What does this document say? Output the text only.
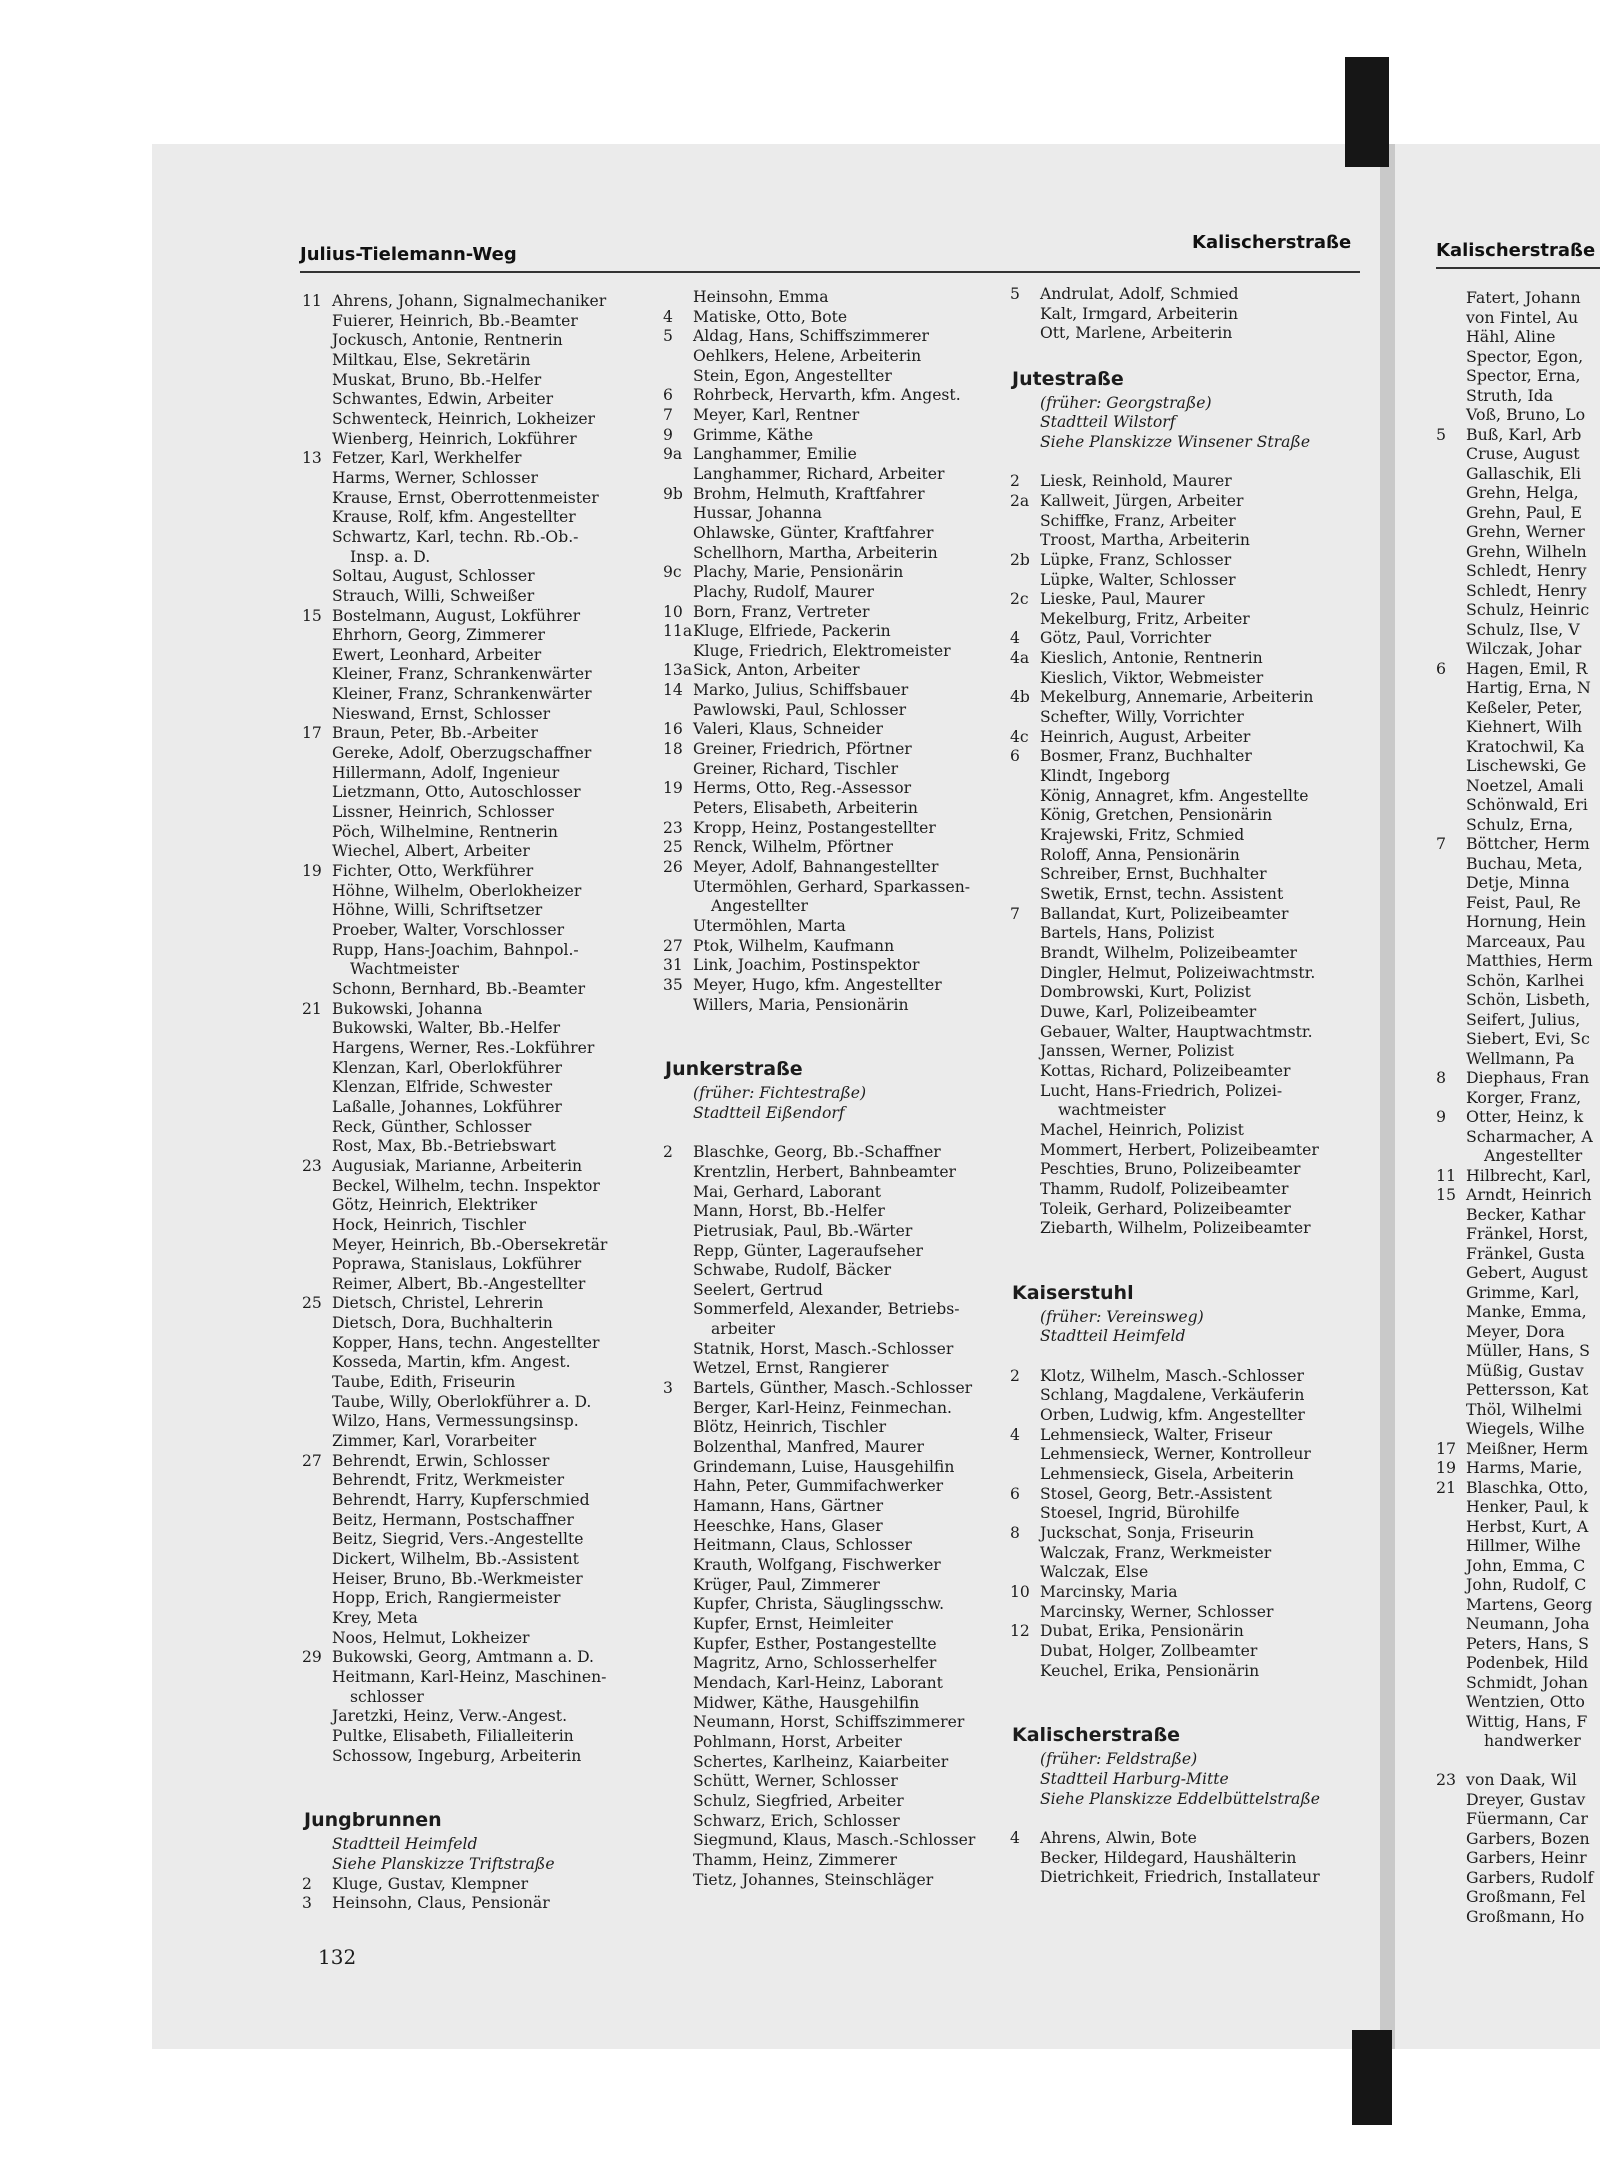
Julius-Tielemann-Weg
Kalischerstraße	Kalischerstraße
11 Ahrens, Johann, Signalmechaniker
Fuierer, Heinrich, Bb.-Beamter
Jockusch, Antonie, Rentnerin
Miltkau, Else, Sekretärin
Muskat, Bruno, Bb.-Helfer
Schwantes, Edwin, Arbeiter
Schwenteck, Heinrich, Lokheizer
Wienberg, Heinrich, Lokführer
13 Fetzer, Karl, Werkhelfer
Harms, Werner, Schlosser
Krause, Ernst, Oberrottenmeister
Krause, Rolf, kfm. Angestellter
Schwartz, Karl, techn. Rb.-Ob.-
Insp. a. D.
Soltau, August, Schlosser
Strauch, Willi, Schweißer
15 Bostelmann, August, Lokführer
Ehrhorn, Georg, Zimmerer
Ewert, Leonhard, Arbeiter
Kleiner, Franz, Schrankenwärter
Kleiner, Franz, Schrankenwärter
Nieswand, Ernst, Schlosser
17 Braun, Peter, Bb.-Arbeiter
Gereke, Adolf, Oberzugschaffner
Hillermann, Adolf, Ingenieur
Lietzmann, Otto, Autoschlosser
Lissner, Heinrich, Schlosser
Pöch, Wilhelmine, Rentnerin
Wiechel, Albert, Arbeiter
19 Fichter, Otto, Werkführer
Höhne, Wilhelm, Oberlokheizer
Höhne, Willi, Schriftsetzer
Proeber, Walter, Vorschlosser
Rupp, Hans-Joachim, Bahnpol.-
Wachtmeister
Schonn, Bernhard, Bb.-Beamter
21 Bukowski, Johanna
Bukowski, Walter, Bb.-Helfer
Hargens, Werner, Res.-Lokführer
Klenzan, Karl, Oberlokführer
Klenzan, Elfride, Schwester
Laßalle, Johannes, Lokführer
Reck, Günther, Schlosser
Rost, Max, Bb.-Betriebswart
23 Augusiak, Marianne, Arbeiterin
Beckel, Wilhelm, techn. Inspektor
Götz, Heinrich, Elektriker
Hock, Heinrich, Tischler
Meyer, Heinrich, Bb.-Obersekretär
Poprawa, Stanislaus, Lokführer
Reimer, Albert, Bb.-Angestellter
25 Dietsch, Christel, Lehrerin
Dietsch, Dora, Buchhalterin
Kopper, Hans, techn. Angestellter
Kosseda, Martin, kfm. Angest.
Taube, Edith, Friseurin
Taube, Willy, Oberlokführer a. D.
Wilzo, Hans, Vermessungsinsp.
Zimmer, Karl, Vorarbeiter
27 Behrendt, Erwin, Schlosser
Behrendt, Fritz, Werkmeister
Behrendt, Harry, Kupferschmied
Beitz, Hermann, Postschaffner
Beitz, Siegrid, Vers.-Angestellte
Dickert, Wilhelm, Bb.-Assistent
Heiser, Bruno, Bb.-Werkmeister
Hopp, Erich, Rangiermeister
Krey, Meta
Noos, Helmut, Lokheizer
29 Bukowski, Georg, Amtmann a. D.
Heitmann, Karl-Heinz, Maschinen-
schlosser
Jaretzki, Heinz, Verw.-Angest.
Pultke, Elisabeth, Filialleiterin
Schossow, Ingeburg, Arbeiterin
Jungbrunnen
Stadtteil Heimfeld
Siehe Planskizze Triftstraße
2	Kluge, Gustav, Klempner
3	Heinsohn, Claus, Pensionär
Heinsohn, Emma
4	Matiske, Otto, Bote
5	Aldag, Hans, Schiffszimmerer
Oehlkers, Helene, Arbeiterin
Stein, Egon, Angestellter
6	Rohrbeck, Hervarth, kfm. Angest.
7	Meyer, Karl, Rentner
9	Grimme, Käthe
9a Langhammer, Emilie
Langhammer, Richard, Arbeiter
9b Brohm, Helmuth, Kraftfahrer
Hussar, Johanna
Ohlawske, Günter, Kraftfahrer
Schellhorn, Martha, Arbeiterin
9c Plachy, Marie, Pensionärin
Plachy, Rudolf, Maurer
10 Born, Franz, Vertreter
11a Kluge, Elfriede, Packerin
Kluge, Friedrich, Elektromeister
13a Sick, Anton, Arbeiter
14 Marko, Julius, Schiffsbauer
Pawlowski, Paul, Schlosser
16 Valeri, Klaus, Schneider
18 Greiner, Friedrich, Pförtner
Greiner, Richard, Tischler
19 Herms, Otto, Reg.-Assessor
Peters, Elisabeth, Arbeiterin
23 Kropp, Heinz, Postangestellter
25 Renck, Wilhelm, Pförtner
26 Meyer, Adolf, Bahnangestellter
Utermöhlen, Gerhard, Sparkassen-
Angestellter
Utermöhlen, Marta
27 Ptok, Wilhelm, Kaufmann
31 Link, Joachim, Postinspektor
35 Meyer, Hugo, kfm. Angestellter
Willers, Maria, Pensionärin
Junkerstraße
(früher: Fichtestraße)
Stadtteil Eißendorf
2	Blaschke, Georg, Bb.-Schaffner
Krentzlin, Herbert, Bahnbeamter
Mai, Gerhard, Laborant
Mann, Horst, Bb.-Helfer
Pietrusiak, Paul, Bb.-Wärter
Repp, Günter, Lageraufseher
Schwabe, Rudolf, Bäcker
Seelert, Gertrud
Sommerfeld, Alexander, Betriebs-
arbeiter
Statnik, Horst, Masch.-Schlosser
Wetzel, Ernst, Rangierer
3	Bartels, Günther, Masch.-Schlosser
Berger, Karl-Heinz, Feinmechan.
Blötz, Heinrich, Tischler
Bolzenthal, Manfred, Maurer
Grindemann, Luise, Hausgehilfin
Hahn, Peter, Gummifachwerker
Hamann, Hans, Gärtner
Heeschke, Hans, Glaser
Heitmann, Claus, Schlosser
Krauth, Wolfgang, Fischwerker
Krüger, Paul, Zimmerer
Kupfer, Christa, Säuglingsschw.
Kupfer, Ernst, Heimleiter
Kupfer, Esther, Postangestellte
Magritz, Arno, Schlosserhelfer
Mendach, Karl-Heinz, Laborant
Midwer, Käthe, Hausgehilfin
Neumann, Horst, Schiffszimmerer
Pohlmann, Horst, Arbeiter
Schertes, Karlheinz, Kaiarbeiter
Schütt, Werner, Schlosser
Schulz, Siegfried, Arbeiter
Schwarz, Erich, Schlosser
Siegmund, Klaus, Masch.-Schlosser
Thamm, Heinz, Zimmerer
Tietz, Johannes, Steinschläger
5	Andrulat, Adolf, Schmied
Kalt, Irmgard, Arbeiterin
Ott, Marlene, Arbeiterin
Jutestraße
(früher: Georgstraße)
Stadtteil Wilstorf
Siehe Planskizze Winsener Straße
2	Liesk, Reinhold, Maurer
2a Kallweit, Jürgen, Arbeiter
Schiffke, Franz, Arbeiter
Troost, Martha, Arbeiterin
2b Lüpke, Franz, Schlosser
Lüpke, Walter, Schlosser
2c Lieske, Paul, Maurer
Mekelburg, Fritz, Arbeiter
4	Götz, Paul, Vorrichter
4a Kieslich, Antonie, Rentnerin
Kieslich, Viktor, Webmeister
4b Mekelburg, Annemarie, Arbeiterin
Schefter, Willy, Vorrichter
4c Heinrich, August, Arbeiter
6	Bosmer, Franz, Buchhalter
Klindt, Ingeborg
König, Annagret, kfm. Angestellte
König, Gretchen, Pensionärin
Krajewski, Fritz, Schmied
Roloff, Anna, Pensionärin
Schreiber, Ernst, Buchhalter
Swetik, Ernst, techn. Assistent
7	Ballandat, Kurt, Polizeibeamter
Bartels, Hans, Polizist
Brandt, Wilhelm, Polizeibeamter
Dingler, Helmut, Polizeiwachtmstr.
Dombrowski, Kurt, Polizist
Duwe, Karl, Polizeibeamter
Gebauer, Walter, Hauptwachtmstr.
Janssen, Werner, Polizist
Kottas, Richard, Polizeibeamter
Lucht, Hans-Friedrich, Polizei-
wachtmeister
Machel, Heinrich, Polizist
Mommert, Herbert, Polizeibeamter
Peschties, Bruno, Polizeibeamter
Thamm, Rudolf, Polizeibeamter
Toleik, Gerhard, Polizeibeamter
Ziebarth, Wilhelm, Polizeibeamter
Kaiserstuhl
(früher: Vereinsweg)
Stadtteil Heimfeld
2	Klotz, Wilhelm, Masch.-Schlosser
Schlang, Magdalene, Verkäuferin
Orben, Ludwig, kfm. Angestellter
4	Lehmensieck, Walter, Friseur
Lehmensieck, Werner, Kontrolleur
Lehmensieck, Gisela, Arbeiterin
6	Stosel, Georg, Betr.-Assistent
Stoesel, Ingrid, Bürohilfe
8	Juckschat, Sonja, Friseurin
Walczak, Franz, Werkmeister
Walczak, Else
10 Marcinsky, Maria
Marcinsky, Werner, Schlosser
12 Dubat, Erika, Pensionärin
Dubat, Holger, Zollbeamter
Keuchel, Erika, Pensionärin
Kalischerstraße
(früher: Feldstraße)
Stadtteil Harburg-Mitte
Siehe Planskizze Eddelbüttelstraße
4	Ahrens, Alwin, Bote
Becker, Hildegard, Haushälterin
Dietrichkeit, Friedrich, Installateur
Fatert, Johann
von Fintel, Au
Hähl, Aline
Spector, Egon,
Spector, Erna,
Struth, Ida
Voß, Bruno, Lo
5	Buß, Karl, Arb
Cruse, August
Gallaschik, Eli
Grehn, Helga,
Grehn, Paul, E
Grehn, Werner
Grehn, Wilheln
Schledt, Henry
Schledt, Henry
Schulz, Heinric
Schulz, Ilse, V
Wilczak, Johar
6	Hagen, Emil, R
Hartig, Erna, N
Keßeler, Peter,
Kiehnert, Wilh
Kratochwil, Ka
Lischewski, Ge
Noetzel, Amali
Schönwald, Eri
Schulz, Erna,
7	Böttcher, Herm
Buchau, Meta,
Detje, Minna
Feist, Paul, Re
Hornung, Hein
Marceaux, Pau
Matthies, Herm
Schön, Karlhei
Schön, Lisbeth,
Seifert, Julius,
Siebert, Evi, Sc
Wellmann, Pa
8	Diephaus, Fran
Korger, Franz,
9	Otter, Heinz, k
Scharmacher, A
Angestellter
11 Hilbrecht, Karl,
15 Arndt, Heinrich
Becker, Kathar
Fränkel, Horst,
Fränkel, Gusta
Gebert, August
Grimme, Karl,
Manke, Emma,
Meyer, Dora
Müller, Hans, S
Müßig, Gustav
Pettersson, Kat
Thöl, Wilhelmi
Wiegels, Wilhe
17 Meißner, Herm
19 Harms, Marie,
21 Blaschka, Otto,
Henker, Paul, k
Herbst, Kurt, A
Hillmer, Wilhe
John, Emma, C
John, Rudolf, C
Martens, Georg
Neumann, Joha
Peters, Hans, S
Podenbek, Hild
Schmidt, Johan
Wentzien, Otto
Wittig, Hans, F
handwerker
23 von Daak, Wil
Dreyer, Gustav
Füermann, Car
Garbers, Bozen
Garbers, Heinr
Garbers, Rudolf
Großmann, Fel
Großmann, Ho
132
